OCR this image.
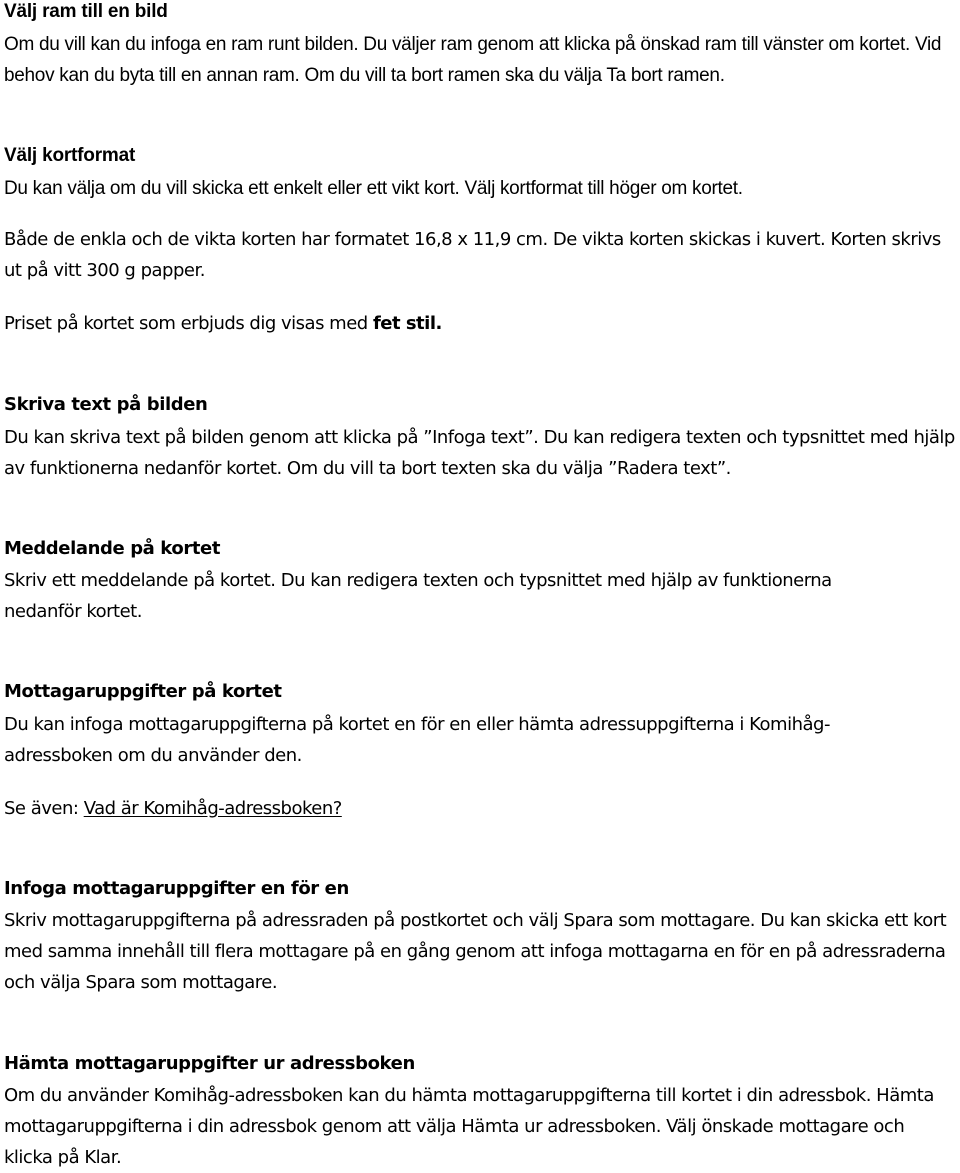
Välj ram till en bild

Om du vill kan du infoga en ram runt bilden. Du väljer ram genom att klicka på önskad ram till vänster om kortet. Vid behov kan du byta till en annan ram. Om du vill ta bort ramen ska du välja Ta bort ramen.

Välj kortformat

Du kan välja om du vill skicka ett enkelt eller ett vikt kort. Välj kortformat till höger om kortet.

Både de enkla och de vikta korten har formatet 16,8 x 11,9 cm. De vikta korten skickas i kuvert. Korten skrivs ut på vitt 300 g papper.

Priset på kortet som erbjuds dig visas med fet stil.

Skriva text på bilden

Du kan skriva text på bilden genom att klicka på ”Infoga text”. Du kan redigera texten och typsnittet med hjälp av funktionerna nedanför kortet. Om du vill ta bort texten ska du välja ”Radera text”.

Meddelande på kortet

Skriv ett meddelande på kortet. Du kan redigera texten och typsnittet med hjälp av funktionerna nedanför kortet.

Mottagaruppgifter på kortet

Du kan infoga mottagaruppgifterna på kortet en för en eller hämta adressuppgifterna i Komihåg-adressboken om du använder den.

Se även: Vad är Komihåg-adressboken?

Infoga mottagaruppgifter en för en

Skriv mottagaruppgifterna på adressraden på postkortet och välj Spara som mottagare. Du kan skicka ett kort med samma innehåll till flera mottagare på en gång genom att infoga mottagarna en för en på adressraderna och välja Spara som mottagare.

Hämta mottagaruppgifter ur adressboken

Om du använder Komihåg-adressboken kan du hämta mottagaruppgifterna till kortet i din adressbok. Hämta mottagaruppgifterna i din adressbok genom att välja Hämta ur adressboken. Välj önskade mottagare och klicka på Klar.
